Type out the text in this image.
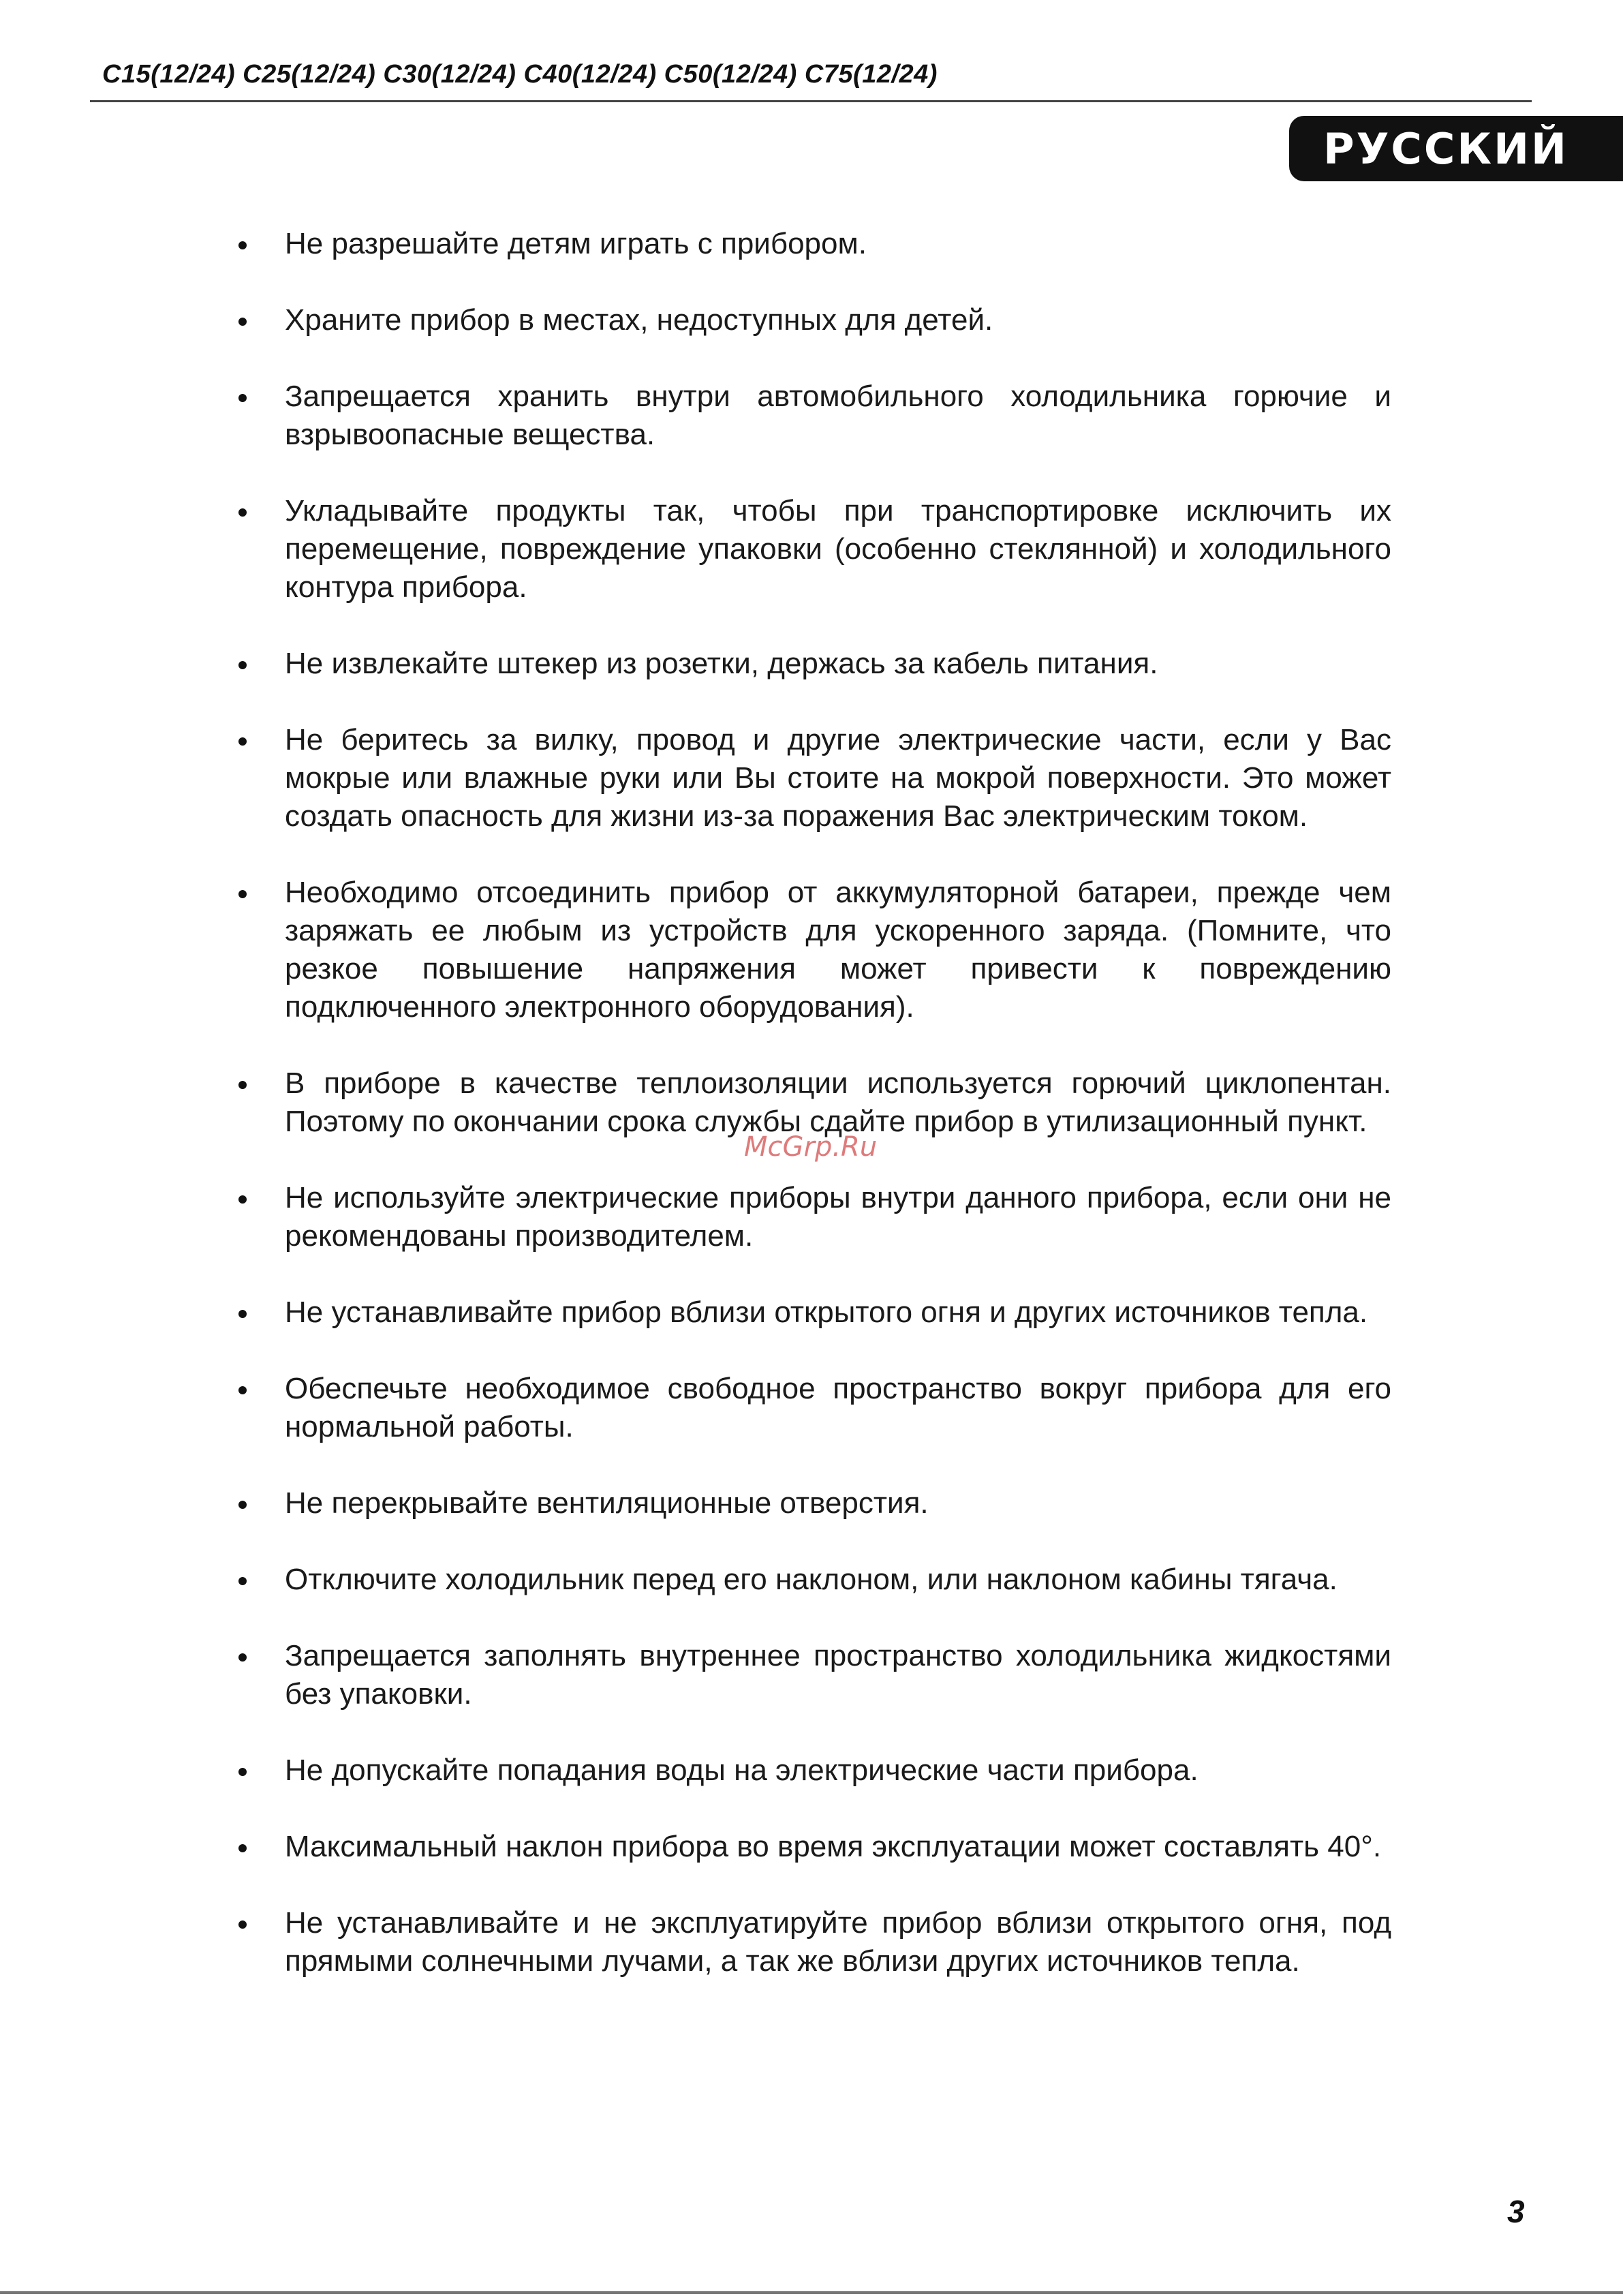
C15(12/24) C25(12/24) C30(12/24) C40(12/24) C50(12/24) C75(12/24)
РУССКИЙ
Не разрешайте детям играть с прибором.
Храните прибор в местах, недоступных для детей.
Запрещается хранить внутри автомобильного холодильника горючие и взрывоопасные вещества.
Укладывайте продукты так, чтобы при транспортировке исключить их перемещение, повреждение упаковки (особенно стеклянной) и холодильного контура прибора.
Не извлекайте штекер из розетки, держась за кабель питания.
Не беритесь за вилку, провод и другие электрические части, если у Вас мокрые или влажные руки или Вы стоите на мокрой поверхности. Это может создать опасность для жизни из-за поражения Вас электрическим током.
Необходимо отсоединить прибор от аккумуляторной батареи, прежде чем заряжать ее любым из устройств для ускоренного заряда. (Помните, что резкое повышение напряжения может привести к повреждению подключенного электронного оборудования).
В приборе в качестве теплоизоляции используется горючий циклопентан. Поэтому по окончании срока службы сдайте прибор в утилизационный пункт.
Не используйте электрические приборы внутри данного прибора, если они не рекомендованы производителем.
Не устанавливайте прибор вблизи открытого огня и других источников тепла.
Обеспечьте необходимое свободное пространство вокруг прибора для его нормальной работы.
Не перекрывайте вентиляционные отверстия.
Отключите холодильник перед его наклоном, или наклоном кабины тягача.
Запрещается заполнять внутреннее пространство холодильника жидкостями без упаковки.
Не допускайте попадания воды на электрические части прибора.
Максимальный наклон прибора во время эксплуатации может составлять 40°.
Не устанавливайте и не эксплуатируйте прибор вблизи открытого огня, под прямыми солнечными лучами, а так же вблизи других источников тепла.
McGrp.Ru
3
